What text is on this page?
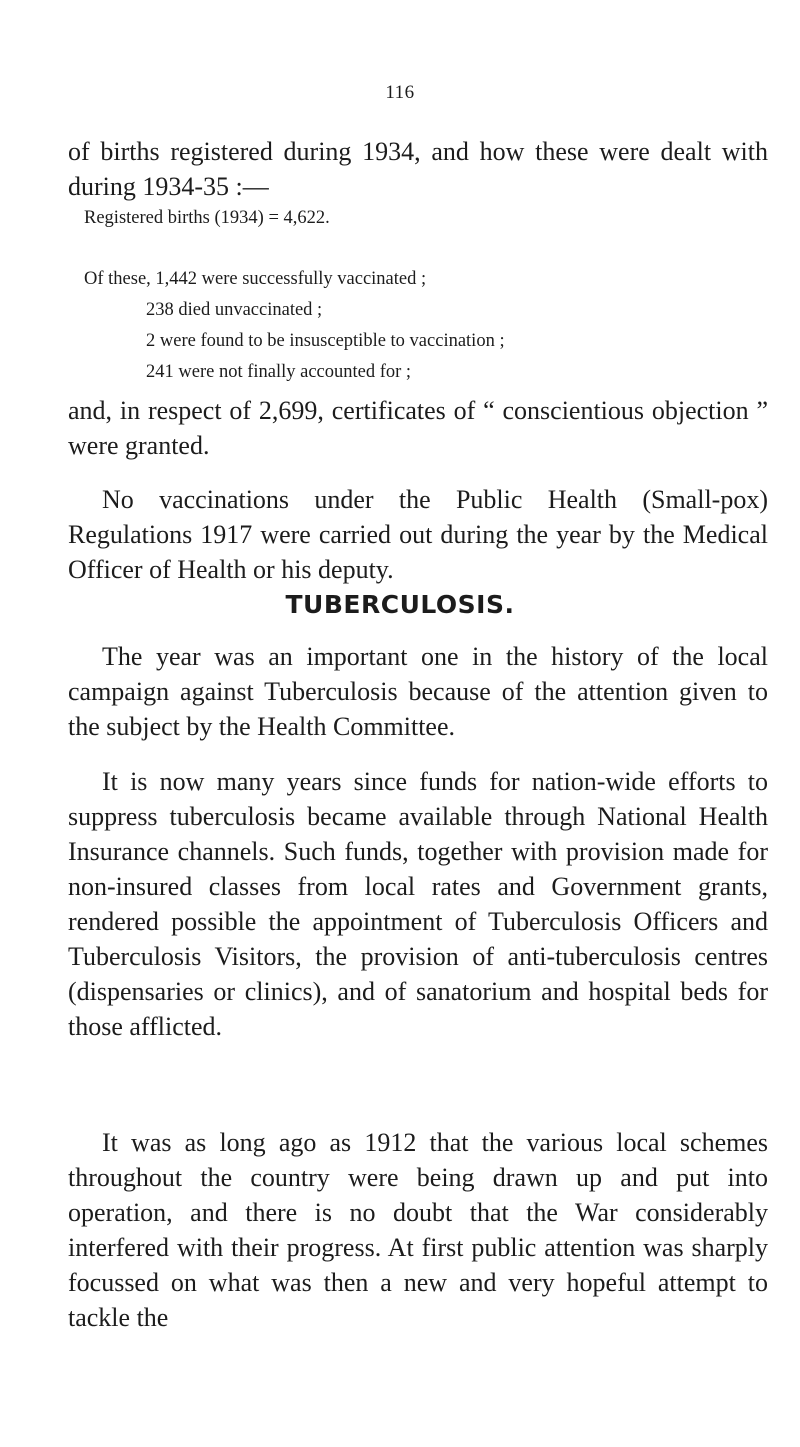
116

of births registered during 1934, and how these were dealt with during 1934-35 :—

Registered births (1934) = 4,622.

Of these, 1,442 were successfully vaccinated ;

238 died unvaccinated ;

2 were found to be insusceptible to vaccination ;

241 were not finally accounted for ;

and, in respect of 2,699, certificates of “ conscientious objection ” were granted.

No vaccinations under the Public Health (Small-pox) Regulations 1917 were carried out during the year by the Medical Officer of Health or his deputy.

TUBERCULOSIS.

The year was an important one in the history of the local campaign against Tuberculosis because of the attention given to the subject by the Health Committee.

It is now many years since funds for nation-wide efforts to suppress tuberculosis became available through National Health Insurance channels. Such funds, together with provision made for non-insured classes from local rates and Government grants, rendered possible the appointment of Tuberculosis Officers and Tuberculosis Visitors, the provision of anti-tuberculosis centres (dispensaries or clinics), and of sanatorium and hospital beds for those afflicted.

It was as long ago as 1912 that the various local schemes throughout the country were being drawn up and put into operation, and there is no doubt that the War considerably interfered with their progress. At first public attention was sharply focussed on what was then a new and very hopeful attempt to tackle the
